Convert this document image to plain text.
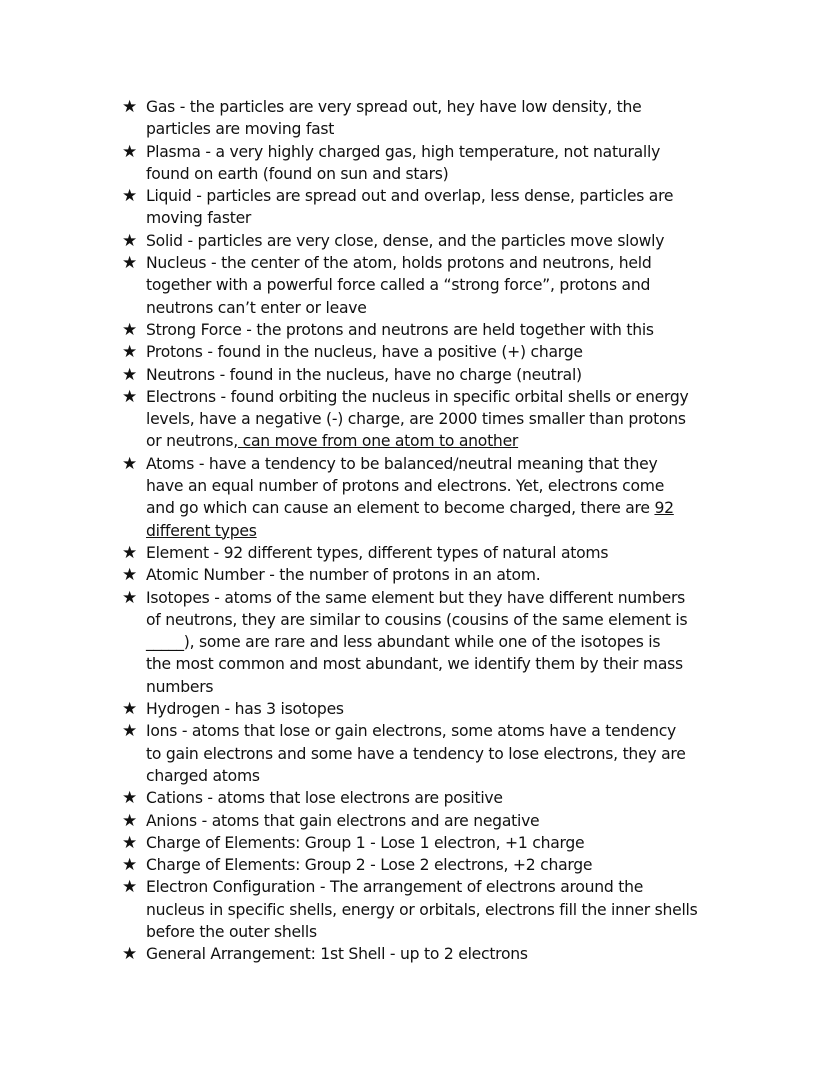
★ Gas - the particles are very spread out, hey have low density, the
particles are moving fast
★ Plasma - a very highly charged gas, high temperature, not naturally
found on earth (found on sun and stars)
★ Liquid - particles are spread out and overlap, less dense, particles are
moving faster
★ Solid - particles are very close, dense, and the particles move slowly
★ Nucleus - the center of the atom, holds protons and neutrons, held
together with a powerful force called a “strong force”, protons and
neutrons can’t enter or leave
★ Strong Force - the protons and neutrons are held together with this
★ Protons - found in the nucleus, have a positive (+) charge
★ Neutrons - found in the nucleus, have no charge (neutral)
★ Electrons - found orbiting the nucleus in specific orbital shells or energy
levels, have a negative (-) charge, are 2000 times smaller than protons
or neutrons, can move from one atom to another
★ Atoms - have a tendency to be balanced/neutral meaning that they
have an equal number of protons and electrons. Yet, electrons come
and go which can cause an element to become charged, there are 92
different types
★ Element - 92 different types, different types of natural atoms
★ Atomic Number - the number of protons in an atom.
★ Isotopes - atoms of the same element but they have different numbers
of neutrons, they are similar to cousins (cousins of the same element is
_____), some are rare and less abundant while one of the isotopes is
the most common and most abundant, we identify them by their mass
numbers
★ Hydrogen - has 3 isotopes
★ Ions - atoms that lose or gain electrons, some atoms have a tendency
to gain electrons and some have a tendency to lose electrons, they are
charged atoms
★ Cations - atoms that lose electrons are positive
★ Anions - atoms that gain electrons and are negative
★ Charge of Elements: Group 1 - Lose 1 electron, +1 charge
★ Charge of Elements: Group 2 - Lose 2 electrons, +2 charge
★ Electron Configuration - The arrangement of electrons around the
nucleus in specific shells, energy or orbitals, electrons fill the inner shells
before the outer shells
★ General Arrangement: 1st Shell - up to 2 electrons
